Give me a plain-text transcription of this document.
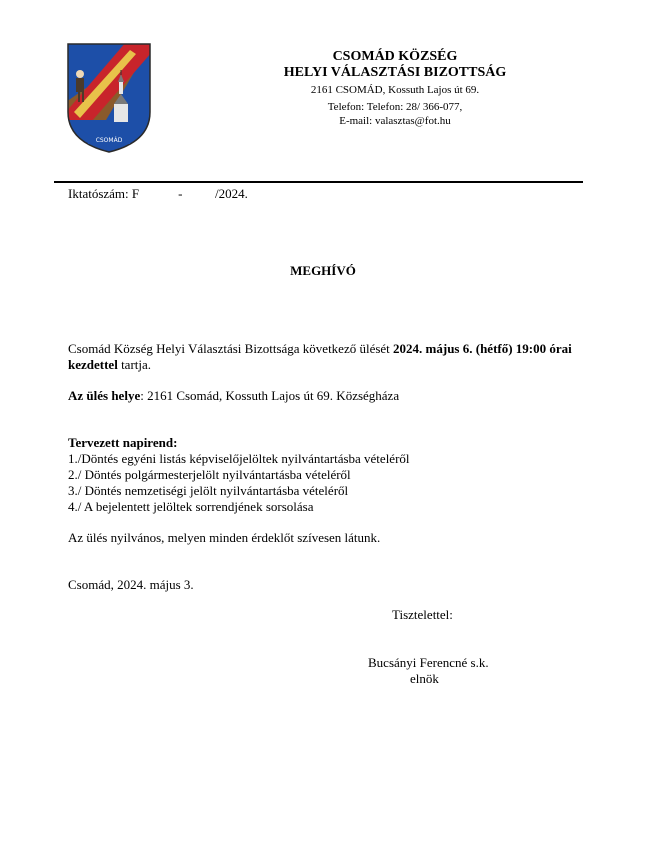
CSOMÁD
CSOMÁD KÖZSÉG
HELYI VÁLASZTÁSI BIZOTTSÁG
2161 CSOMÁD, Kossuth Lajos út 69.
Telefon: Telefon: 28/ 366-077,
E-mail: valasztas@fot.hu
Iktatószám: F            -          /2024.
MEGHÍVÓ
Csomád Község Helyi Választási Bizottsága következő ülését 2024. május 6. (hétfő) 19:00 órai kezdettel tartja.
Az ülés helye: 2161 Csomád, Kossuth Lajos út 69. Községháza
Tervezett napirend:
1./Döntés egyéni listás képviselőjelöltek nyilvántartásba vételéről
2./ Döntés polgármesterjelölt nyilvántartásba vételéről
3./ Döntés nemzetiségi jelölt nyilvántartásba vételéről
4./ A bejelentett jelöltek sorrendjének sorsolása
Az ülés nyilvános, melyen minden érdeklőt szívesen látunk.
Csomád, 2024. május 3.
Tisztelettel:
Bucsányi Ferencné s.k.
elnök
